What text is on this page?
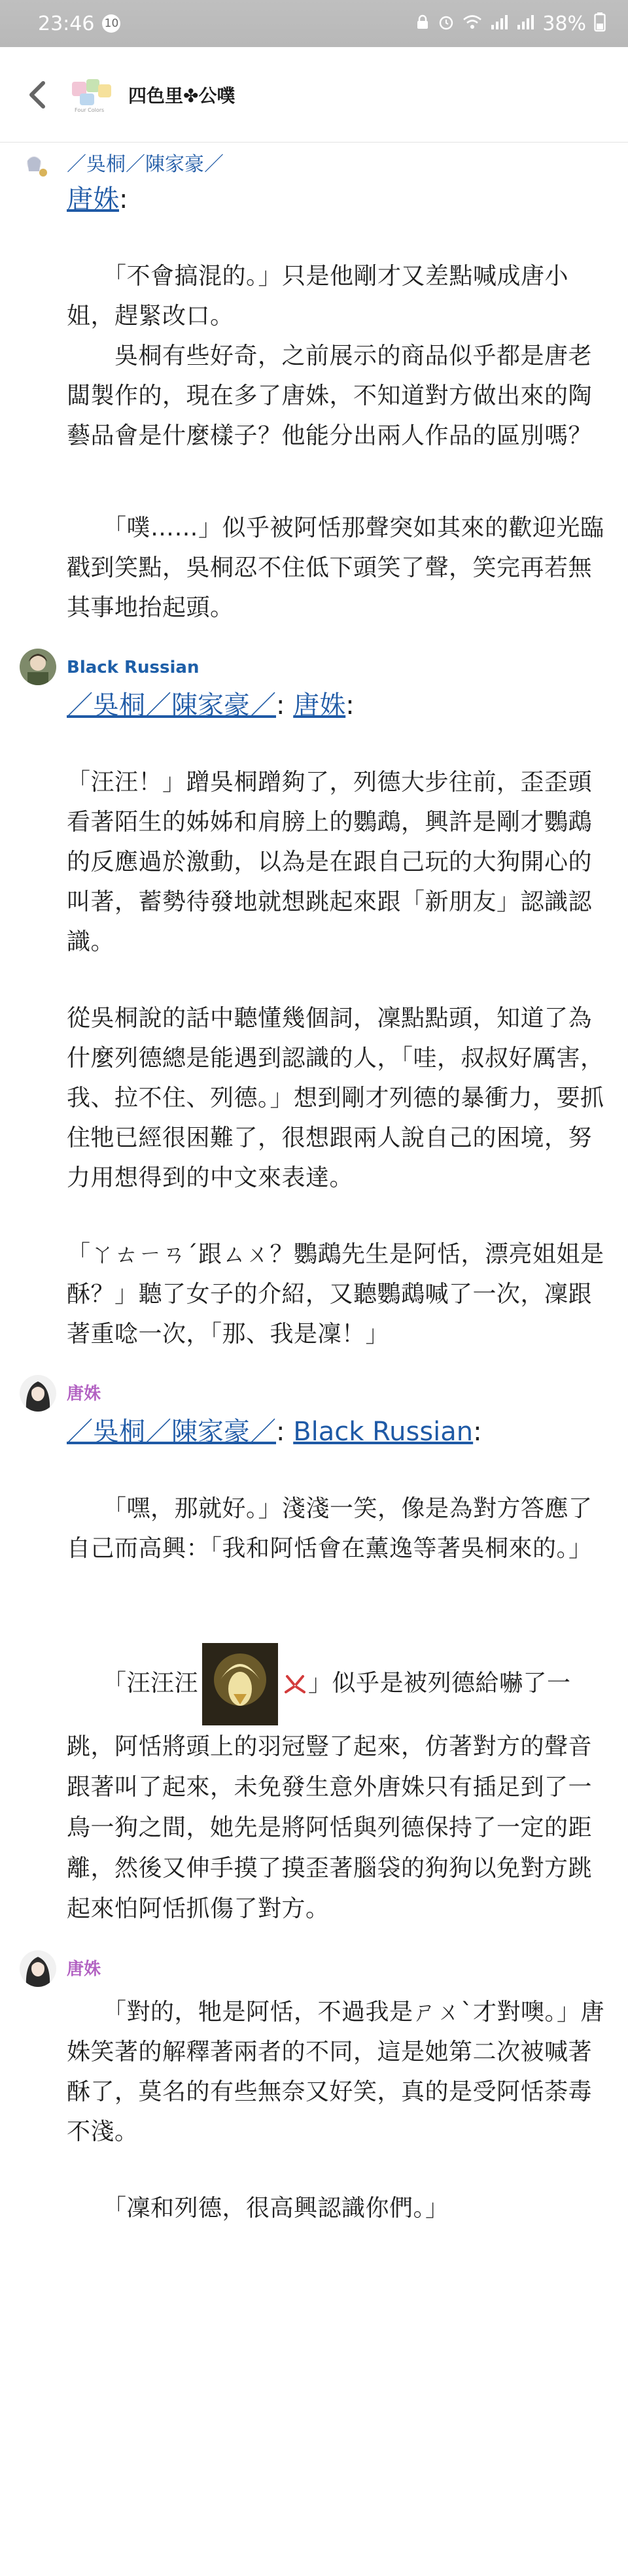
23:46 10	38%
Four Colors
四色里✤公噗
／吳桐／陳家豪／
唐姝:
　　「不會搞混的。」只是他剛才又差點喊成唐小姐，趕緊改口。
　　吳桐有些好奇，之前展示的商品似乎都是唐老闆製作的，現在多了唐姝，不知道對方做出來的陶藝品會是什麼樣子？他能分出兩人作品的區別嗎？
　　「噗……」似乎被阿恬那聲突如其來的歡迎光臨戳到笑點，吳桐忍不住低下頭笑了聲，笑完再若無其事地抬起頭。
Black Russian
／吳桐／陳家豪／: 唐姝:
「汪汪！」蹭吳桐蹭夠了，列德大步往前，歪歪頭看著陌生的姊姊和肩膀上的鸚鵡，興許是剛才鸚鵡的反應過於激動，以為是在跟自己玩的大狗開心的叫著，蓄勢待發地就想跳起來跟「新朋友」認識認識。
從吳桐說的話中聽懂幾個詞，凜點點頭，知道了為什麼列德總是能遇到認識的人，「哇，叔叔好厲害，我、拉不住、列德。」想到剛才列德的暴衝力，要抓住牠已經很困難了，很想跟兩人說自己的困境，努力用想得到的中文來表達。
「ㄚㄊㄧㄢˊ跟ㄙㄨ？鸚鵡先生是阿恬，漂亮姐姐是酥？」聽了女子的介紹，又聽鸚鵡喊了一次，凜跟著重唸一次，「那、我是凜！」
唐姝
／吳桐／陳家豪／: Black Russian:
　　「嘿，那就好。」淺淺一笑，像是為對方答應了自己而高興：「我和阿恬會在薰逸等著吳桐來的。」
　　「汪汪汪	」似乎是被列德給嚇了一跳，阿恬將頭上的羽冠豎了起來，仿著對方的聲音跟著叫了起來，未免發生意外唐姝只有插足到了一鳥一狗之間，她先是將阿恬與列德保持了一定的距離，然後又伸手摸了摸歪著腦袋的狗狗以免對方跳起來怕阿恬抓傷了對方。
唐姝
　　「對的，牠是阿恬，不過我是ㄕㄨˋ才對噢。」唐姝笑著的解釋著兩者的不同，這是她第二次被喊著酥了，莫名的有些無奈又好笑，真的是受阿恬荼毒不淺。
　　「凜和列德，很高興認識你們。」
